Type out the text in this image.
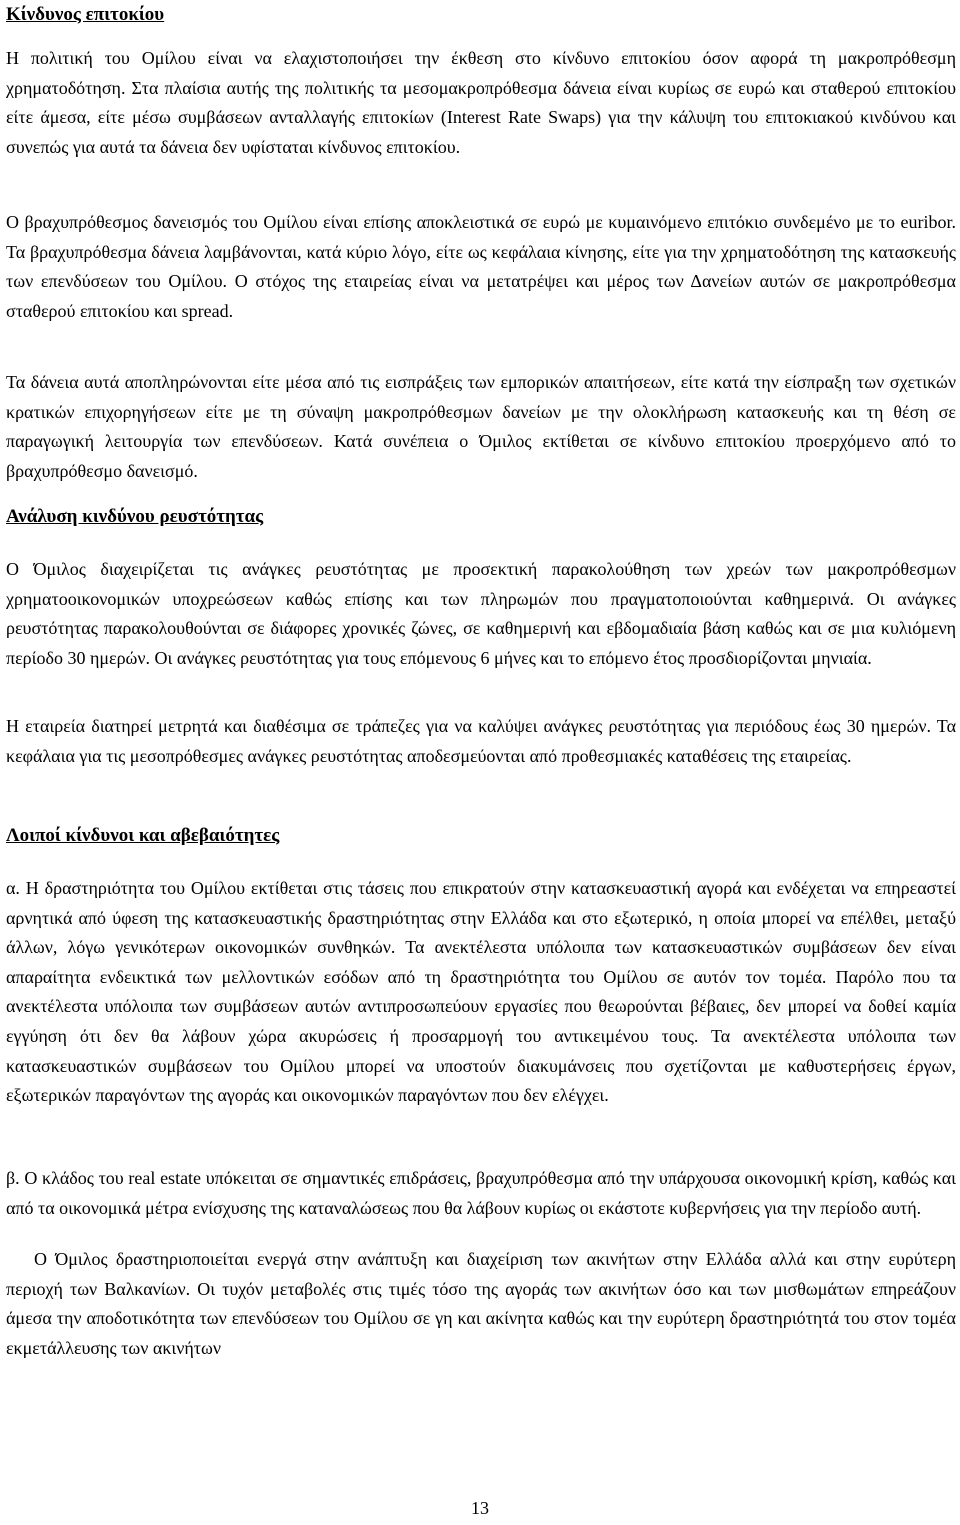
Κίνδυνος επιτοκίου

Η πολιτική του Ομίλου είναι να ελαχιστοποιήσει την έκθεση στο κίνδυνο επιτοκίου όσον αφορά τη μακροπρόθεσμη χρηματοδότηση. Στα πλαίσια αυτής της πολιτικής τα μεσομακροπρόθεσμα δάνεια είναι κυρίως σε ευρώ και σταθερού επιτοκίου είτε άμεσα, είτε μέσω συμβάσεων ανταλλαγής επιτοκίων (Interest Rate Swaps) για την κάλυψη του επιτοκιακού κινδύνου και συνεπώς για αυτά τα δάνεια δεν υφίσταται κίνδυνος επιτοκίου.

Ο βραχυπρόθεσμος δανεισμός του Ομίλου είναι επίσης αποκλειστικά σε ευρώ με κυμαινόμενο επιτόκιο συνδεμένο με το euribor. Τα βραχυπρόθεσμα δάνεια λαμβάνονται, κατά κύριο λόγο, είτε ως κεφάλαια κίνησης, είτε για την χρηματοδότηση της κατασκευής των επενδύσεων του Ομίλου. Ο στόχος της εταιρείας είναι να μετατρέψει και μέρος των Δανείων αυτών σε μακροπρόθεσμα σταθερού επιτοκίου και spread.

Τα δάνεια αυτά αποπληρώνονται είτε μέσα από τις εισπράξεις των εμπορικών απαιτήσεων, είτε κατά την είσπραξη των σχετικών κρατικών επιχορηγήσεων είτε με τη σύναψη μακροπρόθεσμων δανείων με την ολοκλήρωση κατασκευής και τη θέση σε παραγωγική λειτουργία των επενδύσεων. Κατά συνέπεια ο Όμιλος εκτίθεται σε κίνδυνο επιτοκίου προερχόμενο από το βραχυπρόθεσμο δανεισμό.

Ανάλυση κινδύνου ρευστότητας

Ο Όμιλος διαχειρίζεται τις ανάγκες ρευστότητας με προσεκτική παρακολούθηση των χρεών των μακροπρόθεσμων χρηματοοικονομικών υποχρεώσεων καθώς επίσης και των πληρωμών που πραγματοποιούνται καθημερινά. Οι ανάγκες ρευστότητας παρακολουθούνται σε διάφορες χρονικές ζώνες, σε καθημερινή και εβδομαδιαία βάση καθώς και σε μια κυλιόμενη περίοδο 30 ημερών. Οι ανάγκες ρευστότητας για τους επόμενους 6 μήνες και το επόμενο έτος προσδιορίζονται μηνιαία.

Η εταιρεία διατηρεί μετρητά και διαθέσιμα σε τράπεζες για να καλύψει ανάγκες ρευστότητας για περιόδους έως 30 ημερών. Τα κεφάλαια για τις μεσοπρόθεσμες ανάγκες ρευστότητας αποδεσμεύονται από προθεσμιακές καταθέσεις της εταιρείας.

Λοιποί κίνδυνοι και αβεβαιότητες

α. Η δραστηριότητα του Ομίλου εκτίθεται στις τάσεις που επικρατούν στην κατασκευαστική αγορά και ενδέχεται να επηρεαστεί αρνητικά από ύφεση της κατασκευαστικής δραστηριότητας στην Ελλάδα και στο εξωτερικό, η οποία μπορεί να επέλθει, μεταξύ άλλων, λόγω γενικότερων οικονομικών συνθηκών. Τα ανεκτέλεστα υπόλοιπα των κατασκευαστικών συμβάσεων δεν είναι απαραίτητα ενδεικτικά των μελλοντικών εσόδων από τη δραστηριότητα του Ομίλου σε αυτόν τον τομέα. Παρόλο που τα ανεκτέλεστα υπόλοιπα των συμβάσεων αυτών αντιπροσωπεύουν εργασίες που θεωρούνται βέβαιες, δεν μπορεί να δοθεί καμία εγγύηση ότι δεν θα λάβουν χώρα ακυρώσεις ή προσαρμογή του αντικειμένου τους. Τα ανεκτέλεστα υπόλοιπα των κατασκευαστικών συμβάσεων του Ομίλου μπορεί να υποστούν διακυμάνσεις που σχετίζονται με καθυστερήσεις έργων, εξωτερικών παραγόντων της αγοράς και οικονομικών παραγόντων που δεν ελέγχει.

β. Ο κλάδος του real estate υπόκειται σε σημαντικές επιδράσεις, βραχυπρόθεσμα από την υπάρχουσα οικονομική κρίση, καθώς και από τα οικονομικά μέτρα ενίσχυσης της καταναλώσεως που θα λάβουν κυρίως οι εκάστοτε κυβερνήσεις για την περίοδο αυτή.

Ο Όμιλος δραστηριοποιείται ενεργά στην ανάπτυξη και διαχείριση των ακινήτων στην Ελλάδα αλλά και στην ευρύτερη περιοχή των Βαλκανίων. Οι τυχόν μεταβολές στις τιμές τόσο της αγοράς των ακινήτων όσο και των μισθωμάτων επηρεάζουν άμεσα την αποδοτικότητα των επενδύσεων του Ομίλου σε γη και ακίνητα καθώς και την ευρύτερη δραστηριότητά του στον τομέα εκμετάλλευσης των ακινήτων

13
